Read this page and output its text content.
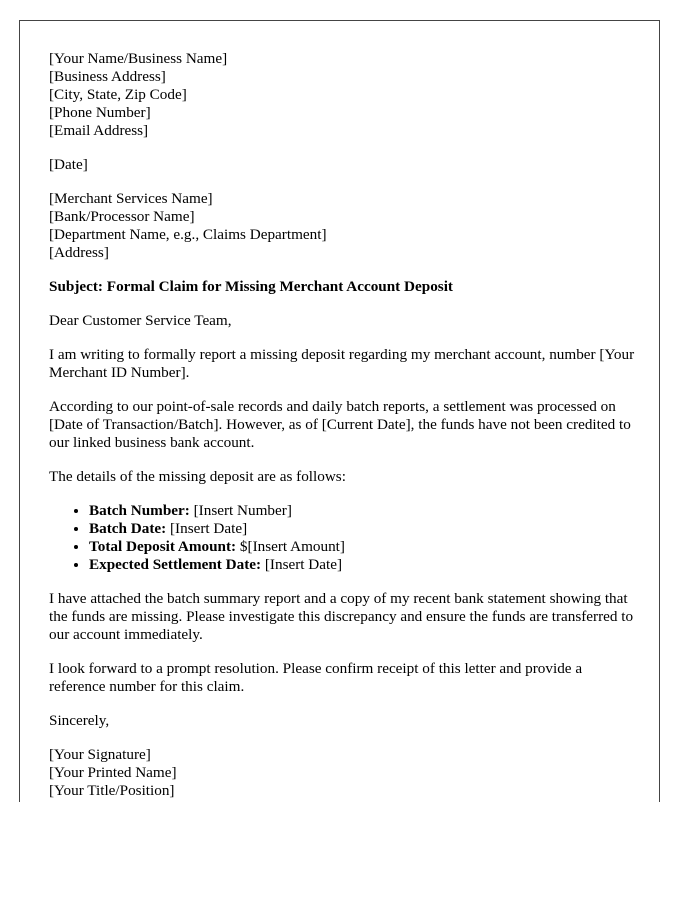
[Your Name/Business Name]
[Business Address]
[City, State, Zip Code]
[Phone Number]
[Email Address]
[Date]
[Merchant Services Name]
[Bank/Processor Name]
[Department Name, e.g., Claims Department]
[Address]
Subject: Formal Claim for Missing Merchant Account Deposit
Dear Customer Service Team,
I am writing to formally report a missing deposit regarding my merchant account, number [Your Merchant ID Number].
According to our point-of-sale records and daily batch reports, a settlement was processed on [Date of Transaction/Batch]. However, as of [Current Date], the funds have not been credited to our linked business bank account.
The details of the missing deposit are as follows:
• Batch Number: [Insert Number]
• Batch Date: [Insert Date]
• Total Deposit Amount: $[Insert Amount]
• Expected Settlement Date: [Insert Date]
I have attached the batch summary report and a copy of my recent bank statement showing that the funds are missing. Please investigate this discrepancy and ensure the funds are transferred to our account immediately.
I look forward to a prompt resolution. Please confirm receipt of this letter and provide a reference number for this claim.
Sincerely,
[Your Signature]
[Your Printed Name]
[Your Title/Position]
